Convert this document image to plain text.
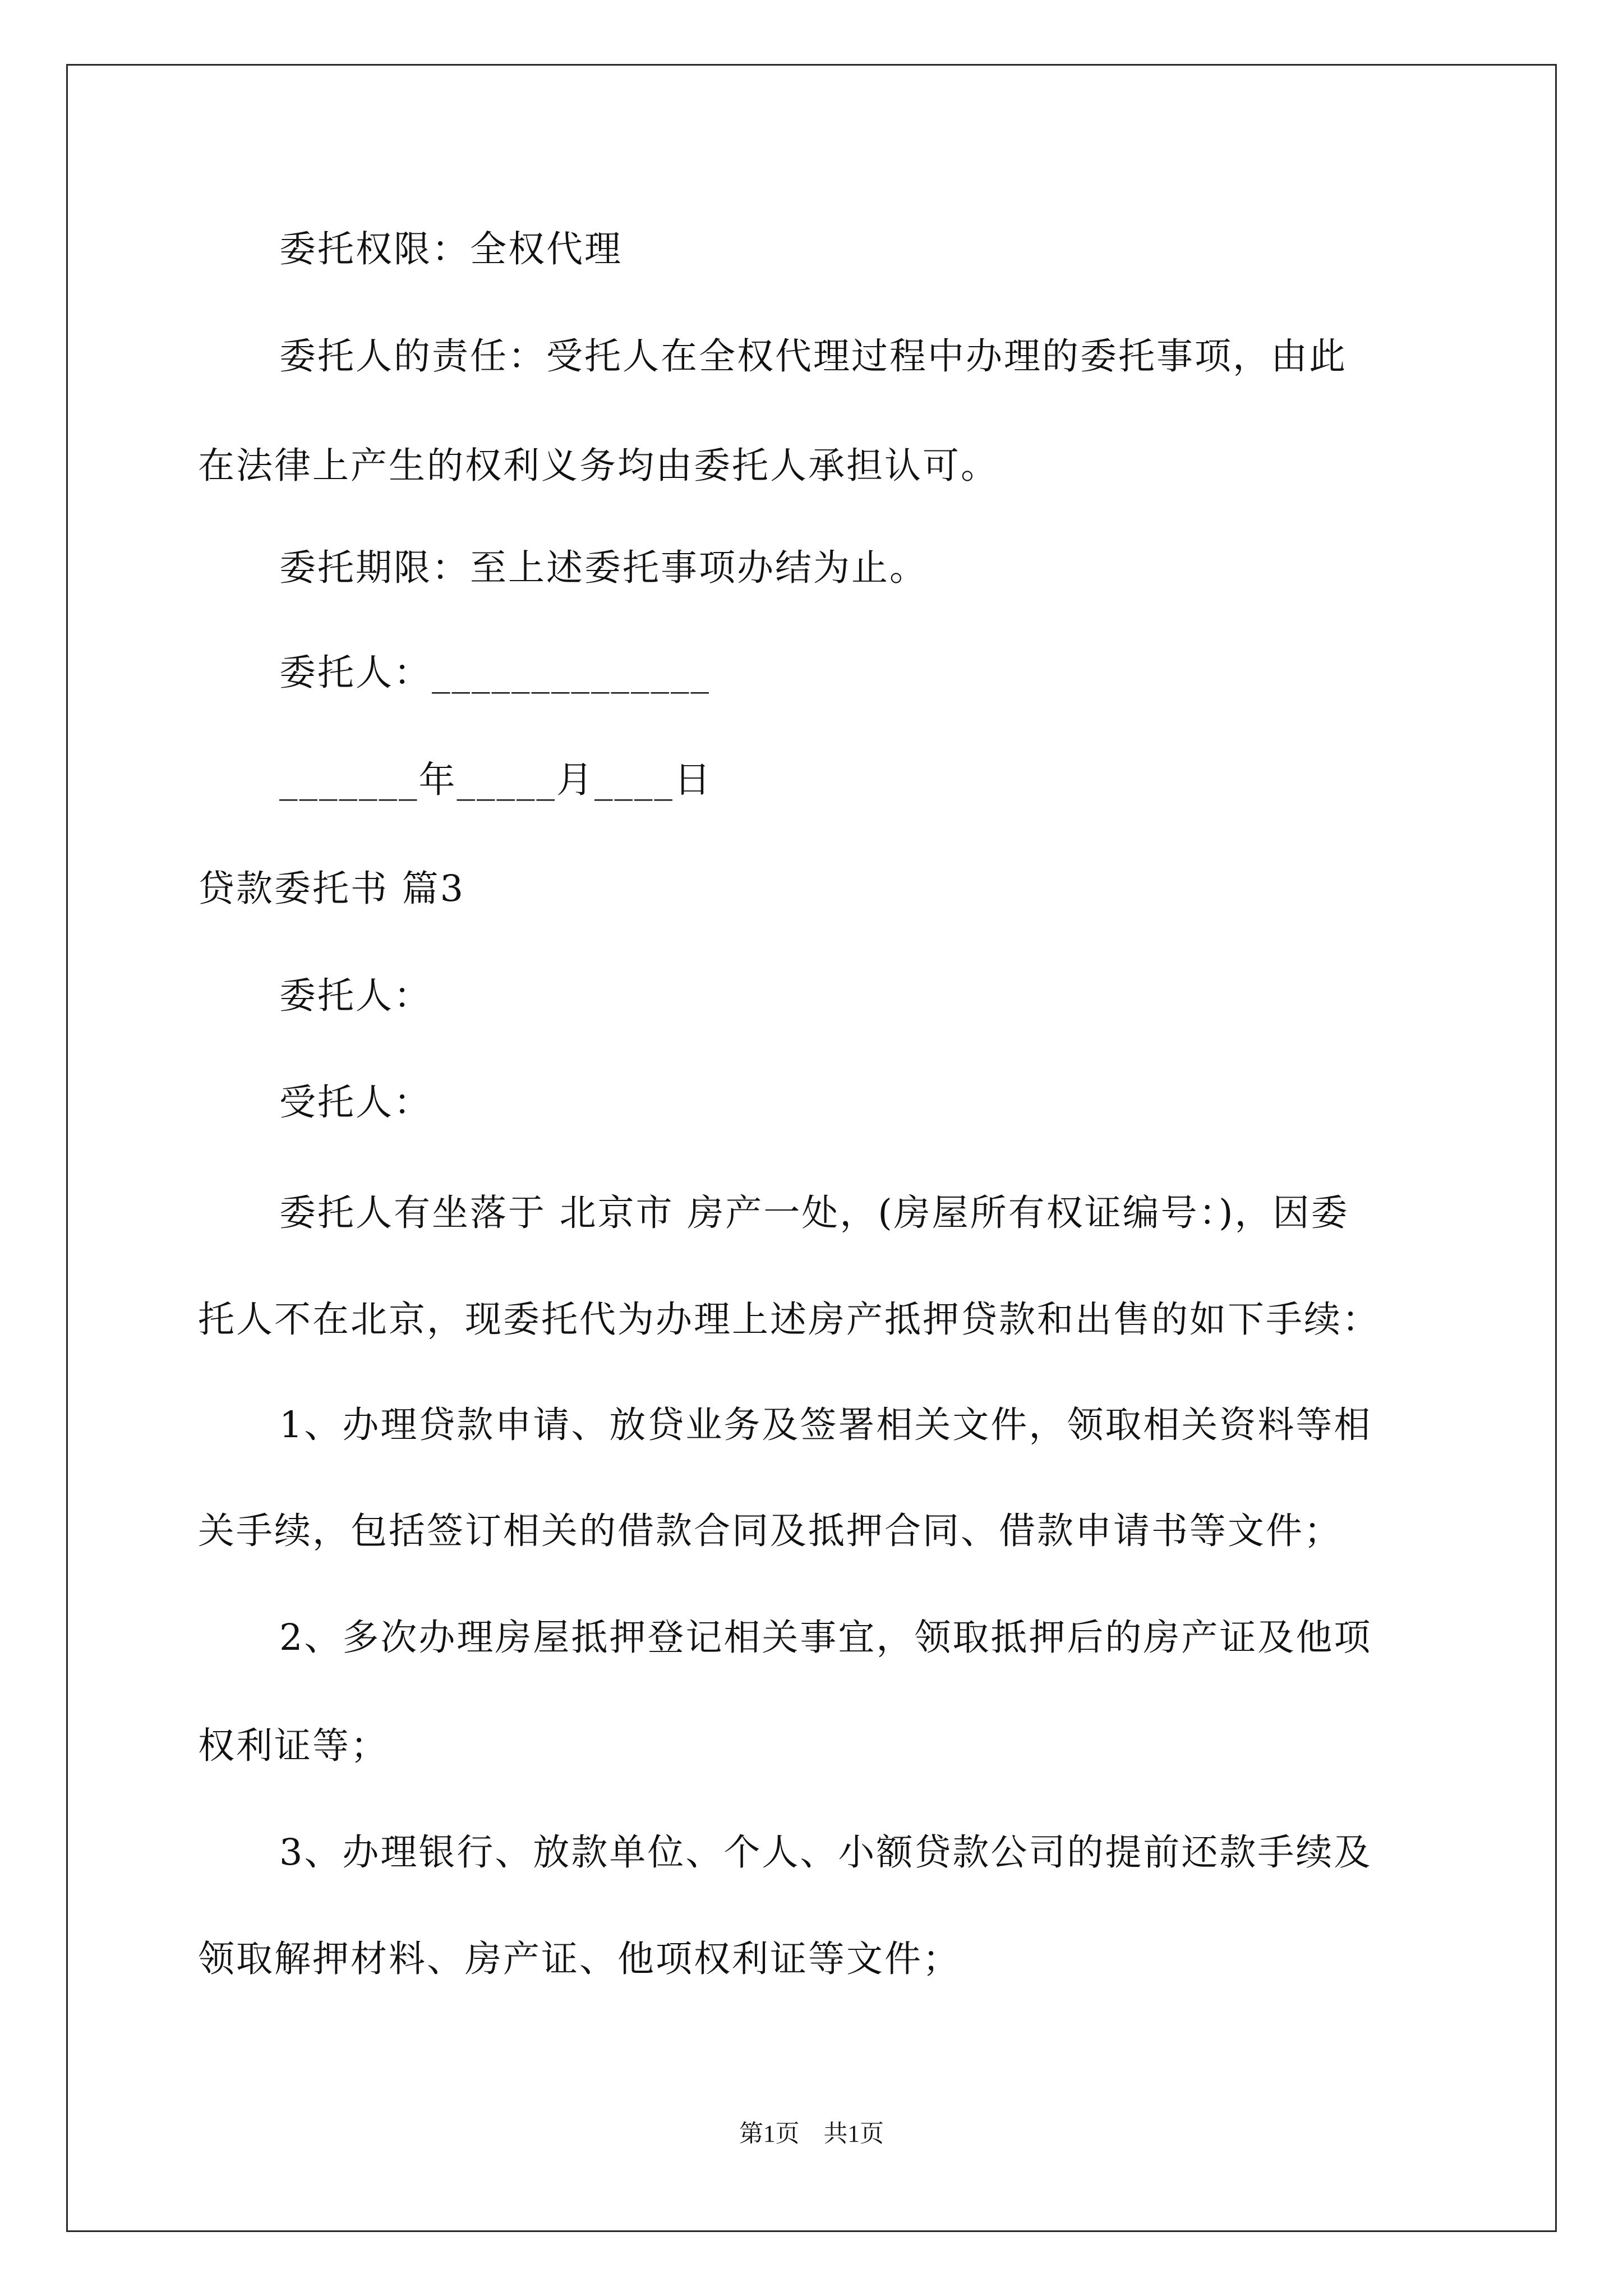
委托权限：全权代理
委托人的责任：受托人在全权代理过程中办理的委托事项，由此
在法律上产生的权利义务均由委托人承担认可。
委托期限：至上述委托事项办结为止。
委托人：______________
_______年_____月____日
贷款委托书 篇3
委托人：
受托人：
委托人有坐落于 北京市 房产一处，(房屋所有权证编号：)，因委
托人不在北京，现委托代为办理上述房产抵押贷款和出售的如下手续：
1、办理贷款申请、放贷业务及签署相关文件，领取相关资料等相
关手续，包括签订相关的借款合同及抵押合同、借款申请书等文件；
2、多次办理房屋抵押登记相关事宜，领取抵押后的房产证及他项
权利证等；
3、办理银行、放款单位、个人、小额贷款公司的提前还款手续及
领取解押材料、房产证、他项权利证等文件；
第1页　共1页
